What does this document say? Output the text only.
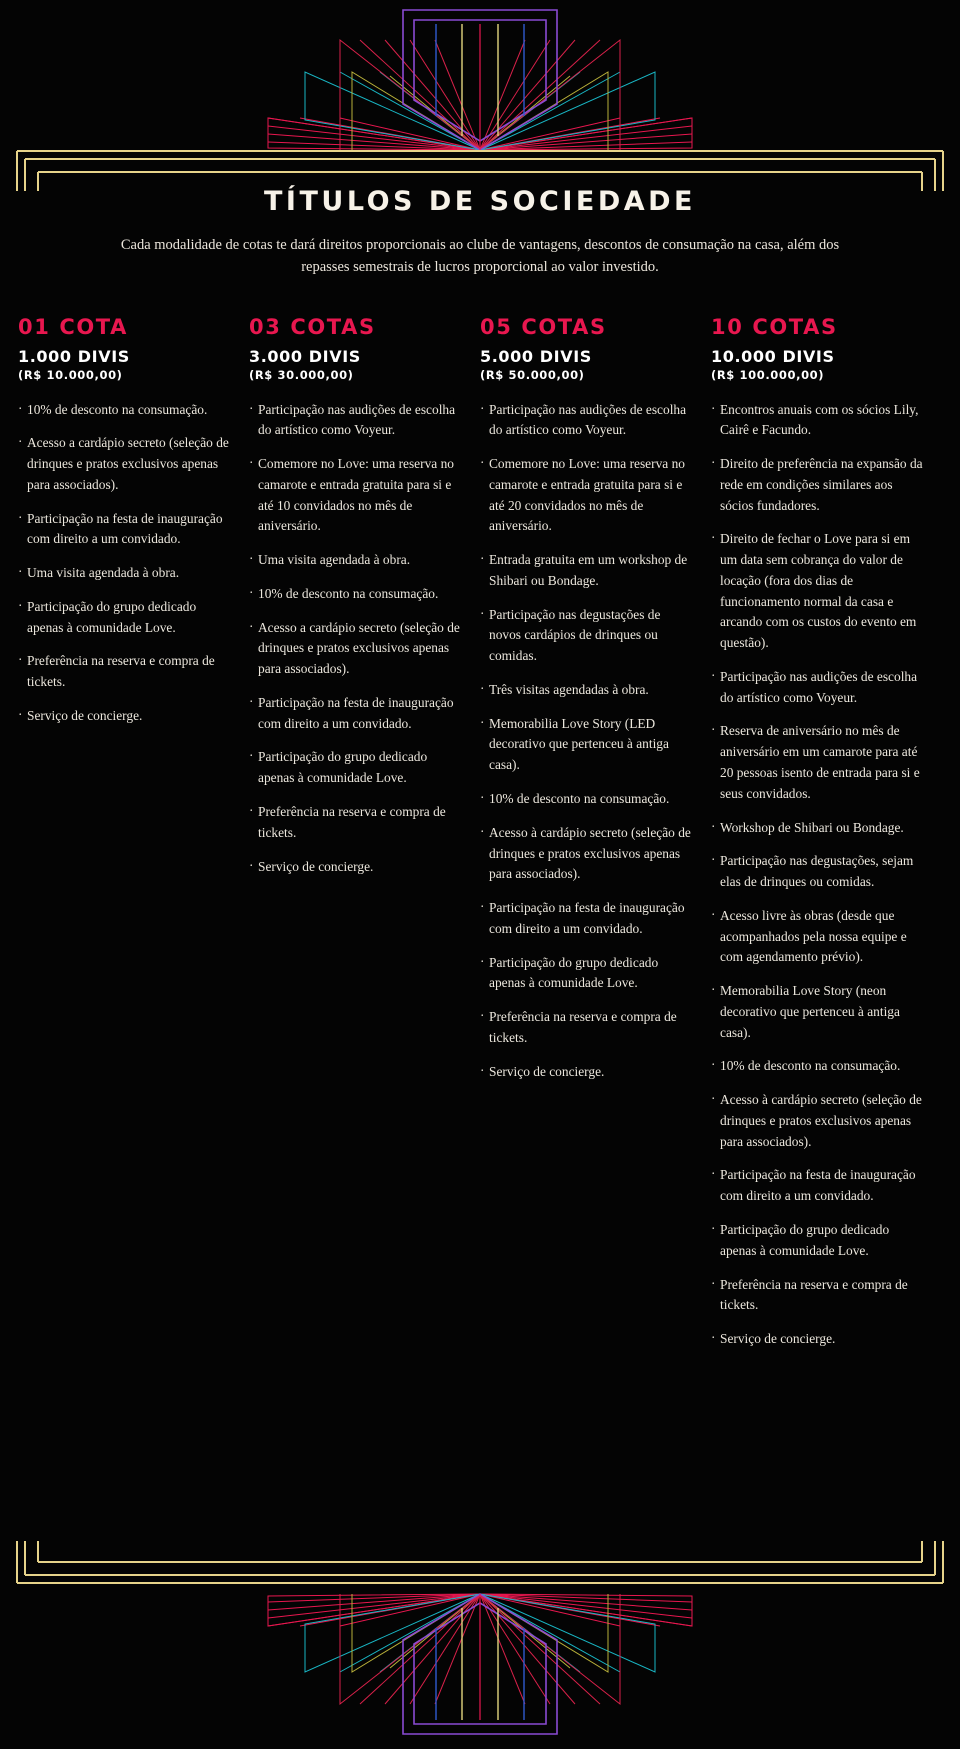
TÍTULOS DE SOCIEDADE

Cada modalidade de cotas te dará direitos proporcionais ao clube de vantagens, descontos de consumação na casa, além dos repasses semestrais de lucros proporcional ao valor investido.

01 COTA
1.000 DIVIS
(R$ 10.000,00)
· 10% de desconto na consumação.
· Acesso a cardápio secreto (seleção de drinques e pratos exclusivos apenas para associados).
· Participação na festa de inauguração com direito a um convidado.
· Uma visita agendada à obra.
· Participação do grupo dedicado apenas à comunidade Love.
· Preferência na reserva e compra de tickets.
· Serviço de concierge.
03 COTAS
3.000 DIVIS
(R$ 30.000,00)
· Participação nas audições de escolha do artístico como Voyeur.
· Comemore no Love: uma reserva no camarote e entrada gratuita para si e até 10 convidados no mês de aniversário.
· Uma visita agendada à obra.
· 10% de desconto na consumação.
· Acesso a cardápio secreto (seleção de drinques e pratos exclusivos apenas para associados).
· Participação na festa de inauguração com direito a um convidado.
· Participação do grupo dedicado apenas à comunidade Love.
· Preferência na reserva e compra de tickets.
· Serviço de concierge.
05 COTAS
5.000 DIVIS
(R$ 50.000,00)
· Participação nas audições de escolha do artístico como Voyeur.
· Comemore no Love: uma reserva no camarote e entrada gratuita para si e até 20 convidados no mês de aniversário.
· Entrada gratuita em um workshop de Shibari ou Bondage.
· Participação nas degustações de novos cardápios de drinques ou comidas.
· Três visitas agendadas à obra.
· Memorabilia Love Story (LED decorativo que pertenceu à antiga casa).
· 10% de desconto na consumação.
· Acesso à cardápio secreto (seleção de drinques e pratos exclusivos apenas para associados).
· Participação na festa de inauguração com direito a um convidado.
· Participação do grupo dedicado apenas à comunidade Love.
· Preferência na reserva e compra de tickets.
· Serviço de concierge.
10 COTAS
10.000 DIVIS
(R$ 100.000,00)
· Encontros anuais com os sócios Lily, Cairê e Facundo.
· Direito de preferência na expansão da rede em condições similares aos sócios fundadores.
· Direito de fechar o Love para si em um data sem cobrança do valor de locação (fora dos dias de funcionamento normal da casa e arcando com os custos do evento em questão).
· Participação nas audições de escolha do artístico como Voyeur.
· Reserva de aniversário no mês de aniversário em um camarote para até 20 pessoas isento de entrada para si e seus convidados.
· Workshop de Shibari ou Bondage.
· Participação nas degustações, sejam elas de drinques ou comidas.
· Acesso livre às obras (desde que acompanhados pela nossa equipe e com agendamento prévio).
· Memorabilia Love Story (neon decorativo que pertenceu à antiga casa).
· 10% de desconto na consumação.
· Acesso à cardápio secreto (seleção de drinques e pratos exclusivos apenas para associados).
· Participação na festa de inauguração com direito a um convidado.
· Participação do grupo dedicado apenas à comunidade Love.
· Preferência na reserva e compra de tickets.
· Serviço de concierge.
